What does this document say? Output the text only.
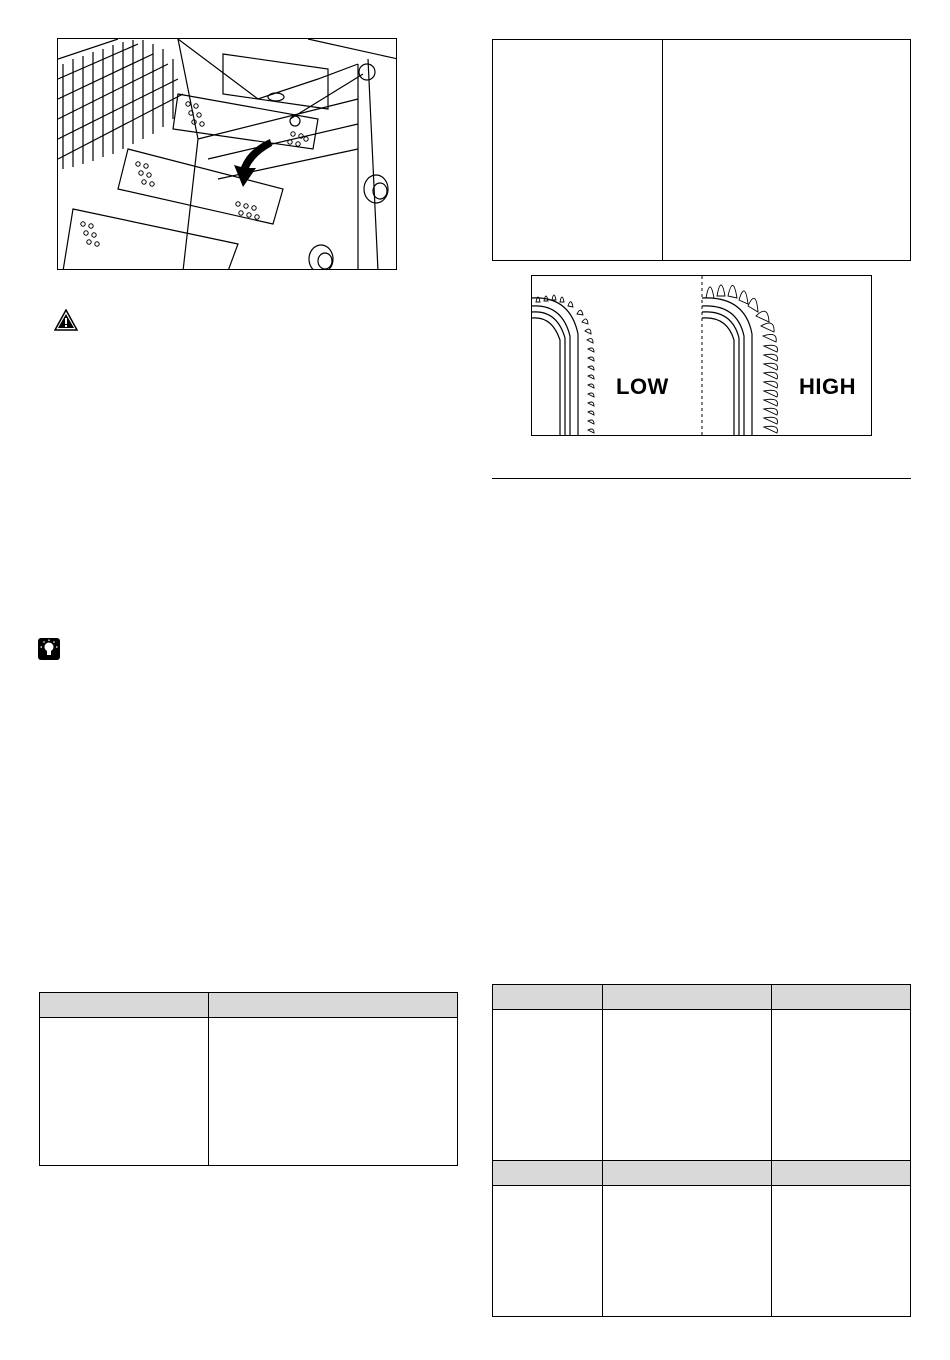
LOW	HIGH
